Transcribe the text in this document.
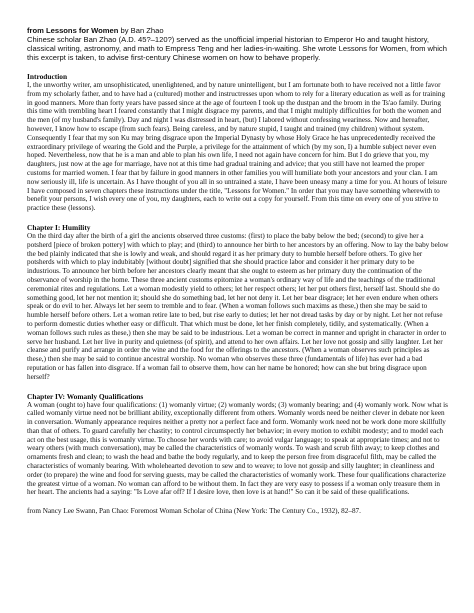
from Lessons for Women by Ban Zhao

Chinese scholar Ban Zhao (A.D. 45?–120?) served as the unofficial imperial historian to Emperor Ho and taught history, classical writing, astronomy, and math to Empress Teng and her ladies-in-waiting. She wrote Lessons for Women, from which this excerpt is taken, to advise first-century Chinese women on how to behave properly.

Introduction

I, the unworthy writer, am unsophisticated, unenlightened, and by nature unintelligent, but I am fortunate both to have received not a little favor from my scholarly father, and to have had a (cultured) mother and instructresses upon whom to rely for a literary education as well as for training in good manners. More than forty years have passed since at the age of fourteen I took up the dustpan and the broom in the Ts'ao family. During this time with trembling heart I feared constantly that I might disgrace my parents, and that I might multiply difficulties for both the women and the men (of my husband's family). Day and night I was distressed in heart, (but) I labored without confessing weariness. Now and hereafter, however, I know how to escape (from such fears). Being careless, and by nature stupid, I taught and trained (my children) without system. Consequently I fear that my son Ku may bring disgrace upon the Imperial Dynasty by whose Holy Grace he has unprecedentedly received the extraordinary privilege of wearing the Gold and the Purple, a privilege for the attainment of which (by my son, I) a humble subject never even hoped. Nevertheless, now that he is a man and able to plan his own life, I need not again have concern for him. But I do grieve that you, my daughters, just now at the age for marriage, have not at this time had gradual training and advice; that you still have not learned the proper customs for married women. I fear that by failure in good manners in other families you will humiliate both your ancestors and your clan. I am now seriously ill, life is uncertain. As I have thought of you all in so untrained a state, I have been uneasy many a time for you. At hours of leisure I have composed in seven chapters these instructions under the title, "Lessons for Women." In order that you may have something wherewith to benefit your persons, I wish every one of you, my daughters, each to write out a copy for yourself. From this time on every one of you strive to practice these (lessons).

Chapter I: Humility

On the third day after the birth of a girl the ancients observed three customs: (first) to place the baby below the bed; (second) to give her a potsherd [piece of broken pottery] with which to play; and (third) to announce her birth to her ancestors by an offering. Now to lay the baby below the bed plainly indicated that she is lowly and weak, and should regard it as her primary duty to humble herself before others. To give her potsherds with which to play indubitably [without doubt] signified that she should practice labor and consider it her primary duty to be industrious. To announce her birth before her ancestors clearly meant that she ought to esteem as her primary duty the continuation of the observance of worship in the home. These three ancient customs epitomize a woman's ordinary way of life and the teachings of the traditional ceremonial rites and regulations. Let a woman modestly yield to others; let her respect others; let her put others first, herself last. Should she do something good, let her not mention it; should she do something bad, let her not deny it. Let her bear disgrace; let her even endure when others speak or do evil to her. Always let her seem to tremble and to fear. (When a woman follows such maxims as these,) then she may be said to humble herself before others. Let a woman retire late to bed, but rise early to duties; let her not dread tasks by day or by night. Let her not refuse to perform domestic duties whether easy or difficult. That which must be done, let her finish completely, tidily, and systematically. (When a woman follows such rules as these,) then she may be said to be industrious. Let a woman be correct in manner and upright in character in order to serve her husband. Let her live in purity and quietness (of spirit), and attend to her own affairs. Let her love not gossip and silly laughter. Let her cleanse and purify and arrange in order the wine and the food for the offerings to the ancestors. (When a woman observes such principles as these,) then she may be said to continue ancestral worship. No woman who observes these three (fundamentals of life) has ever had a bad reputation or has fallen into disgrace. If a woman fail to observe them, how can her name be honored; how can she but bring disgrace upon herself?

Chapter IV: Womanly Qualifications

A woman (ought to) have four qualifications: (1) womanly virtue; (2) womanly words; (3) womanly bearing; and (4) womanly work. Now what is called womanly virtue need not be brilliant ability, exceptionally different from others. Womanly words need be neither clever in debate nor keen in conversation. Womanly appearance requires neither a pretty nor a perfect face and form. Womanly work need not be work done more skillfully than that of others. To guard carefully her chastity; to control circumspectly her behavior; in every motion to exhibit modesty; and to model each act on the best usage, this is womanly virtue. To choose her words with care; to avoid vulgar language; to speak at appropriate times; and not to weary others (with much conversation), may be called the characteristics of womanly words. To wash and scrub filth away; to keep clothes and ornaments fresh and clean; to wash the head and bathe the body regularly, and to keep the person free from disgraceful filth, may be called the characteristics of womanly bearing. With wholehearted devotion to sew and to weave; to love not gossip and silly laughter; in cleanliness and order (to prepare) the wine and food for serving guests, may be called the characteristics of womanly work. These four qualifications characterize the greatest virtue of a woman. No woman can afford to be without them. In fact they are very easy to possess if a woman only treasure them in her heart. The ancients had a saying: "Is Love afar off? If I desire love, then love is at hand!" So can it be said of these qualifications.

from Nancy Lee Swann, Pan Chao: Foremost Woman Scholar of China (New York: The Century Co., 1932), 82–87.
